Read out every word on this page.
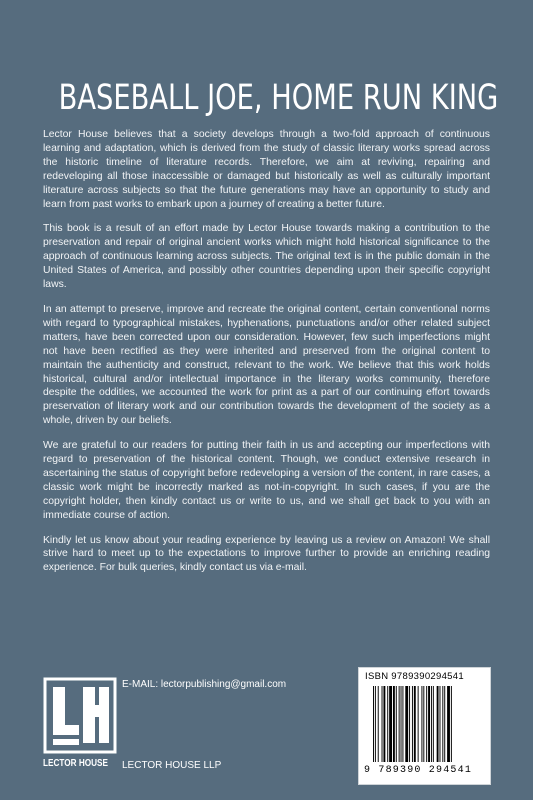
BASEBALL JOE, HOME RUN KING

Lector House believes that a society develops through a two-fold approach of continuous learning and adaptation, which is derived from the study of classic literary works spread across the historic timeline of literature records. Therefore, we aim at reviving, repairing and redeveloping all those inaccessible or damaged but historically as well as culturally important literature across subjects so that the future generations may have an opportunity to study and learn from past works to embark upon a journey of creating a better future.

This book is a result of an effort made by Lector House towards making a contribution to the preservation and repair of original ancient works which might hold historical significance to the approach of continuous learning across subjects. The original text is in the public domain in the United States of America, and possibly other countries depending upon their specific copyright laws.

In an attempt to preserve, improve and recreate the original content, certain conventional norms with regard to typographical mistakes, hyphenations, punctuations and/or other related subject matters, have been corrected upon our consideration. However, few such imperfections might not have been rectified as they were inherited and preserved from the original content to maintain the authenticity and construct, relevant to the work. We believe that this work holds historical, cultural and/or intellectual importance in the literary works community, therefore despite the oddities, we accounted the work for print as a part of our continuing effort towards preservation of literary work and our contribution towards the development of the society as a whole, driven by our beliefs.

We are grateful to our readers for putting their faith in us and accepting our imperfections with regard to preservation of the historical content. Though, we conduct extensive research in ascertaining the status of copyright before redeveloping a version of the content, in rare cases, a classic work might be incorrectly marked as not-in-copyright. In such cases, if you are the copyright holder, then kindly contact us or write to us, and we shall get back to you with an immediate course of action.

Kindly let us know about your reading experience by leaving us a review on Amazon! We shall strive hard to meet up to the expectations to improve further to provide an enriching reading experience. For bulk queries, kindly contact us via e-mail.

LECTOR HOUSE
E-MAIL: lectorpublishing@gmail.com
LECTOR HOUSE LLP
ISBN 9789390294541
9 789390 294541
